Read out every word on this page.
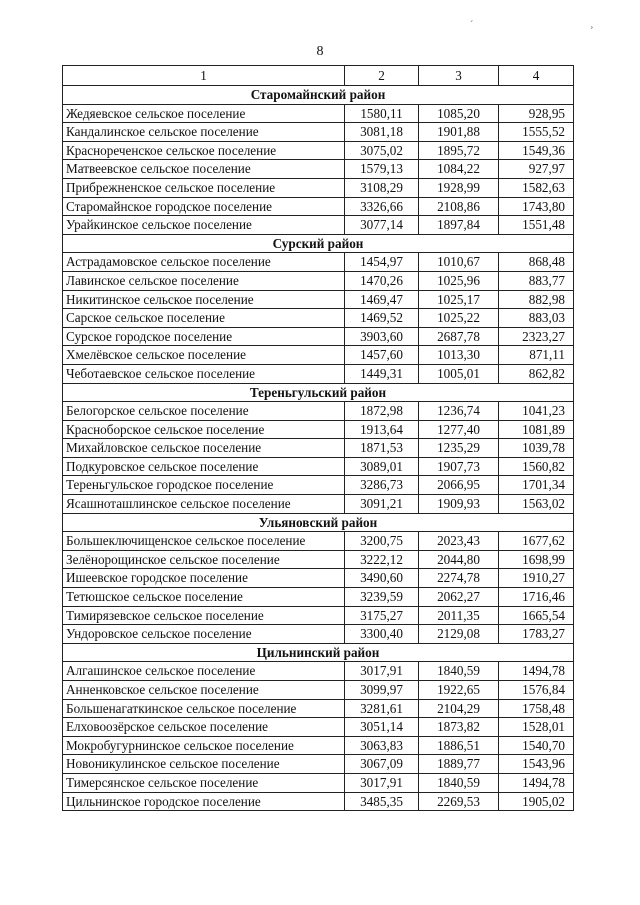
8
´	¸
1	2	3	4
Старомайнский район			
Жедяевское сельское поселение	1580,11	1085,20	928,95
Кандалинское сельское поселение	3081,18	1901,88	1555,52
Краснореченское сельское поселение	3075,02	1895,72	1549,36
Матвеевское сельское поселение	1579,13	1084,22	927,97
Прибрежненское сельское поселение	3108,29	1928,99	1582,63
Старомайнское городское поселение	3326,66	2108,86	1743,80
Урайкинское сельское поселение	3077,14	1897,84	1551,48
Сурский район			
Астрадамовское сельское поселение	1454,97	1010,67	868,48
Лавинское сельское поселение	1470,26	1025,96	883,77
Никитинское сельское поселение	1469,47	1025,17	882,98
Сарское сельское поселение	1469,52	1025,22	883,03
Сурское городское поселение	3903,60	2687,78	2323,27
Хмелёвское сельское поселение	1457,60	1013,30	871,11
Чеботаевское сельское поселение	1449,31	1005,01	862,82
Тереньгульский район			
Белогорское сельское поселение	1872,98	1236,74	1041,23
Красноборское сельское поселение	1913,64	1277,40	1081,89
Михайловское сельское поселение	1871,53	1235,29	1039,78
Подкуровское сельское поселение	3089,01	1907,73	1560,82
Тереньгульское городское поселение	3286,73	2066,95	1701,34
Ясашноташлинское сельское поселение	3091,21	1909,93	1563,02
Ульяновский район			
Большеключищенское сельское поселение	3200,75	2023,43	1677,62
Зелёнорощинское сельское поселение	3222,12	2044,80	1698,99
Ишеевское городское поселение	3490,60	2274,78	1910,27
Тетюшское сельское поселение	3239,59	2062,27	1716,46
Тимирязевское сельское поселение	3175,27	2011,35	1665,54
Ундоровское сельское поселение	3300,40	2129,08	1783,27
Цильнинский район			
Алгашинское сельское поселение	3017,91	1840,59	1494,78
Анненковское сельское поселение	3099,97	1922,65	1576,84
Большенагаткинское сельское поселение	3281,61	2104,29	1758,48
Елховоозёрское сельское поселение	3051,14	1873,82	1528,01
Мокробугурнинское сельское поселение	3063,83	1886,51	1540,70
Новоникулинское сельское поселение	3067,09	1889,77	1543,96
Тимерсянское сельское поселение	3017,91	1840,59	1494,78
Цильнинское городское поселение	3485,35	2269,53	1905,02
